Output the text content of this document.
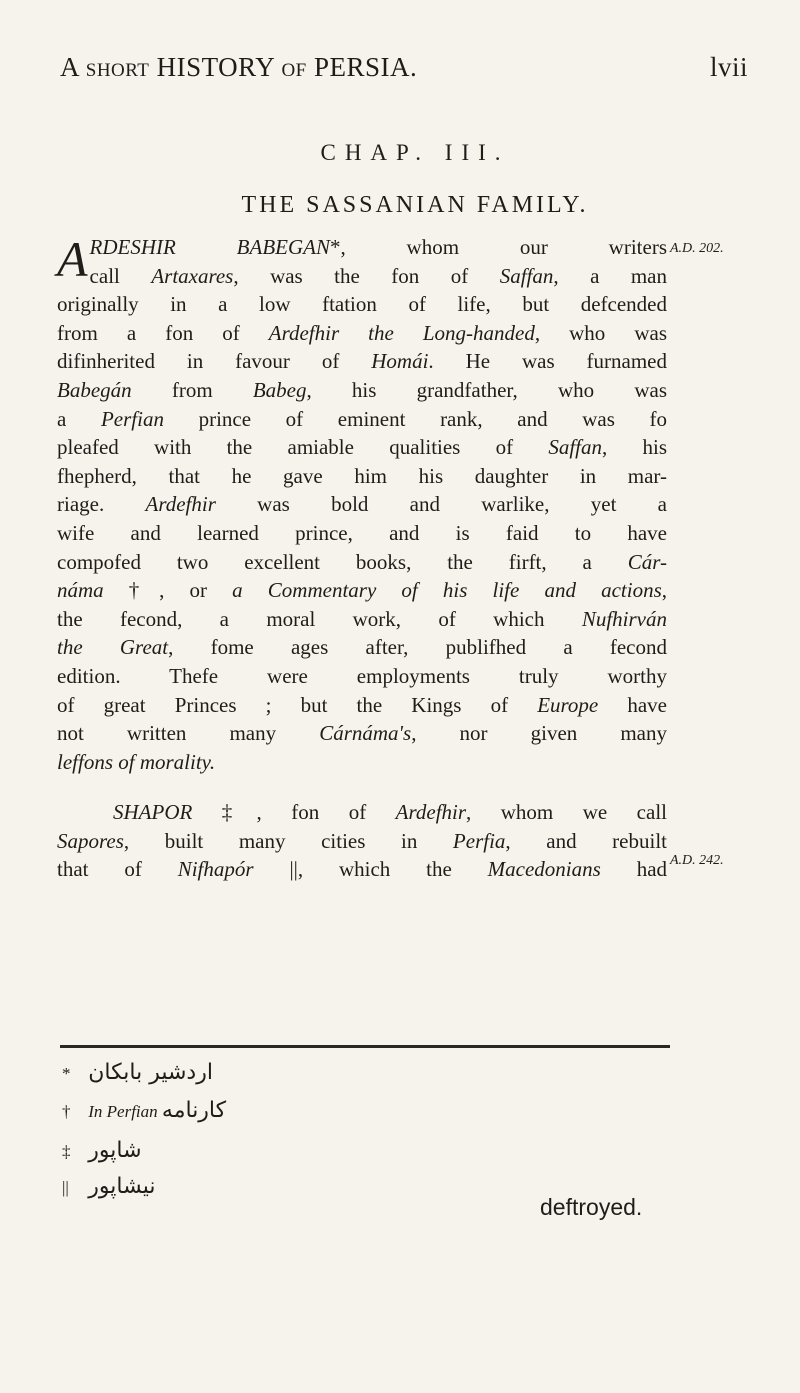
A SHORT HISTORY OF PERSIA.	lvii
CHAP. III.
THE SASSANIAN FAMILY.
A.D. 202.
A.D. 242.
A RDESHIR BABEGAN*, whom our writers
call Artaxares, was the fon of Saffan, a man
originally in a low ftation of life, but defcended
from a fon of Ardefhir the Long-handed, who was
difinherited in favour of Homái. He was furnamed
Babegán from Babeg, his grandfather, who was
a Perfian prince of eminent rank, and was fo
pleafed with the amiable qualities of Saffan, his
fhepherd, that he gave him his daughter in mar-
riage. Ardefhir was bold and warlike, yet a
wife and learned prince, and is faid to have
compofed two excellent books, the firft, a Cár-
náma †, or a Commentary of his life and actions,
the fecond, a moral work, of which Nufhirván
the Great, fome ages after, publifhed a fecond
edition. Thefe were employments truly worthy
of great Princes ; but the Kings of Europe have
not written many Cárnáma's, nor given many
leffons of morality.
SHAPOR ‡, fon of Ardefhir, whom we call
Sapores, built many cities in Perfia, and rebuilt
that of Nifhapór ||, which the Macedonians had
* اردشير بابكان
† In Perfian كارنامه
‡ شاپور
|| نيشاپور
deftroyed.
